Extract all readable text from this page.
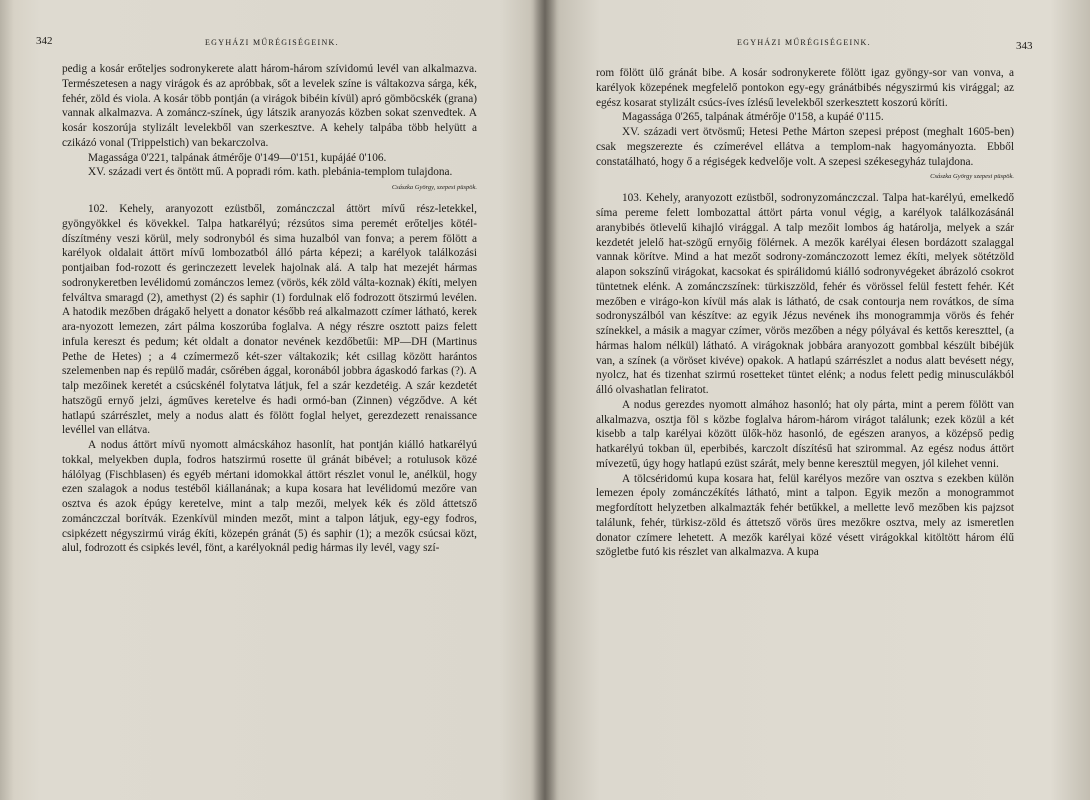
342	EGYHÁZI MŰRÉGISÉGEINK.

pedig a kosár erőteljes sodronykerete alatt három-három szívidomú levél van alkalmazva. Természetesen a nagy virágok és az apróbbak, sőt a levelek színe is váltakozva sárga, kék, fehér, zöld és viola. A kosár több pontján (a virágok bibéin kívül) apró gömböcskék (grana) vannak alkalmazva. A zománcz-színek, úgy látszik aranyozás közben sokat szenvedtek. A kosár koszorúja stylizált levelekből van szerkesztve. A kehely talpába több helyütt a czikázó vonal (Trippelstich) van bekarczolva.

Magassága 0'221, talpának átmérője 0'149—0'151, kupájáé 0'106.

XV. századi vert és öntött mű. A popradi róm. kath. plebánia-templom tulajdona.

Császka György, szepesi püspök.

102. Kehely, aranyozott ezüstből, zománczczal áttört mívű rész-letekkel, gyöngyökkel és kövekkel. Talpa hatkarélyú; rézsútos sima peremét erőteljes kötél-díszítmény veszi körül, mely sodronyból és sima huzalból van fonva; a perem fölött a karélyok oldalait áttört mívű lombozatból álló párta képezi; a karélyok találkozási pontjaiban fod-rozott és gerinczezett levelek hajolnak alá. A talp hat mezejét hármas sodronykeretben levélidomú zománczos lemez (vörös, kék zöld válta-koznak) ékíti, melyen felváltva smaragd (2), amethyst (2) és saphir (1) fordulnak elő fodrozott ötszirmú levélen. A hatodik mezőben drágakő helyett a donator később reá alkalmazott czímer látható, kerek ara-nyozott lemezen, zárt pálma koszorúba foglalva. A négy részre osztott paizs felett infula kereszt és pedum; két oldalt a donator nevének kezdőbetűi: MP—DH (Martinus Pethe de Hetes) ; a 4 czímermező két-szer váltakozik; két csillag között harántos szelemenben nap és repülő madár, csőrében ággal, koronából jobbra ágaskodó farkas (?). A talp mezőinek keretét a csúcskénél folytatva látjuk, fel a szár kezdetéig. A szár kezdetét hatszögű ernyő jelzi, ágműves keretelve és hadi ormó-ban (Zinnen) végződve. A két hatlapú szárrészlet, mely a nodus alatt és fölött foglal helyet, gerezdezett renaissance levéllel van ellátva.

A nodus áttört mívű nyomott almácskához hasonlít, hat pontján kiálló hatkarélyú tokkal, melyekben dupla, fodros hatszirmú rosette ül gránát bibével; a rotulusok közé hálólyag (Fischblasen) és egyéb mértani idomokkal áttört részlet vonul le, anélkül, hogy ezen szalagok a nodus testéből kiállanának; a kupa kosara hat levélidomú mezőre van osztva és azok épúgy keretelve, mint a talp mezői, melyek kék és zöld áttetsző zománczczal borítvák. Ezenkívül minden mezőt, mint a talpon látjuk, egy-egy fodros, csipkézett négyszirmú virág ékíti, közepén gránát (5) és saphir (1); a mezők csúcsai közt, alul, fodrozott és csipkés levél, fönt, a karélyoknál pedig hármas ily levél, vagy szí-

EGYHÁZI MŰRÉGISÉGEINK.	343

rom fölött ülő gránát bibe. A kosár sodronykerete fölött igaz gyöngy-sor van vonva, a karélyok közepének megfelelő pontokon egy-egy gránátbibés négyszirmú kis virággal; az egész kosarat stylizált csúcs-íves ízlésű levelekből szerkesztett koszorú köríti.

Magassága 0'265, talpának átmérője 0'158, a kupáé 0'115.

XV. századi vert ötvösmű; Hetesi Pethe Márton szepesi prépost (meghalt 1605-ben) csak megszerezte és czímerével ellátva a templom-nak hagyományozta. Ebből constatálható, hogy ő a régiségek kedvelője volt. A szepesi székesegyház tulajdona.

Császka György szepesi püspök.

103. Kehely, aranyozott ezüstből, sodronyzománczczal. Talpa hat-karélyú, emelkedő síma pereme felett lombozattal áttört párta vonul végig, a karélyok találkozásánál aranybibés ötlevelű kihajló virággal. A talp mezőit lombos ág határolja, melyek a szár kezdetét jelelő hat-szögű ernyőig fölérnek. A mezők karélyai élesen bordázott szalaggal vannak körítve. Mind a hat mezőt sodrony-zománczozott lemez ékíti, melyek sötétzöld alapon sokszínű virágokat, kacsokat és spirálidomú kiálló sodronyvégeket ábrázoló csokrot tüntetnek elénk. A zománczszínek: türkiszzöld, fehér és vörössel felül festett fehér. Két mezőben e virágo-kon kívül más alak is látható, de csak contourja nem rovátkos, de síma sodronyszálból van készítve: az egyik Jézus nevének ihs monogrammja vörös és fehér színekkel, a másik a magyar czímer, vörös mezőben a négy pólyával és kettős kereszttel, (a hármas halom nélkül) látható. A virágoknak jobbára aranyozott gombbal készült bibéjük van, a színek (a vöröset kivéve) opakok. A hatlapú szárrészlet a nodus alatt bevésett négy, nyolcz, hat és tizenhat szirmú rosetteket tüntet elénk; a nodus felett pedig minusculákból álló olvashatlan feliratot.

A nodus gerezdes nyomott almához hasonló; hat oly párta, mint a perem fölött van alkalmazva, osztja föl s közbe foglalva három-három virágot találunk; ezek közül a két kisebb a talp karélyai között ülők-höz hasonló, de egészen aranyos, a középső pedig hatkarélyú tokban ül, eperbibés, karczolt díszítésű hat szirommal. Az egész nodus áttört mívezetű, úgy hogy hatlapú ezüst szárát, mely benne keresztül megyen, jól kilehet venni.

A tölcséridomú kupa kosara hat, felül karélyos mezőre van osztva s ezekben külön lemezen époly zománczékítés látható, mint a talpon. Egyik mezőn a monogrammot megfordított helyzetben alkalmazták fehér betűkkel, a mellette levő mezőben kis pajzsot találunk, fehér, türkisz-zöld és áttetsző vörös üres mezőkre osztva, mely az ismeretlen donator czímere lehetett. A mezők karélyai közé vésett virágokkal kitöltött három élű szögletbe futó kis részlet van alkalmazva. A kupa
